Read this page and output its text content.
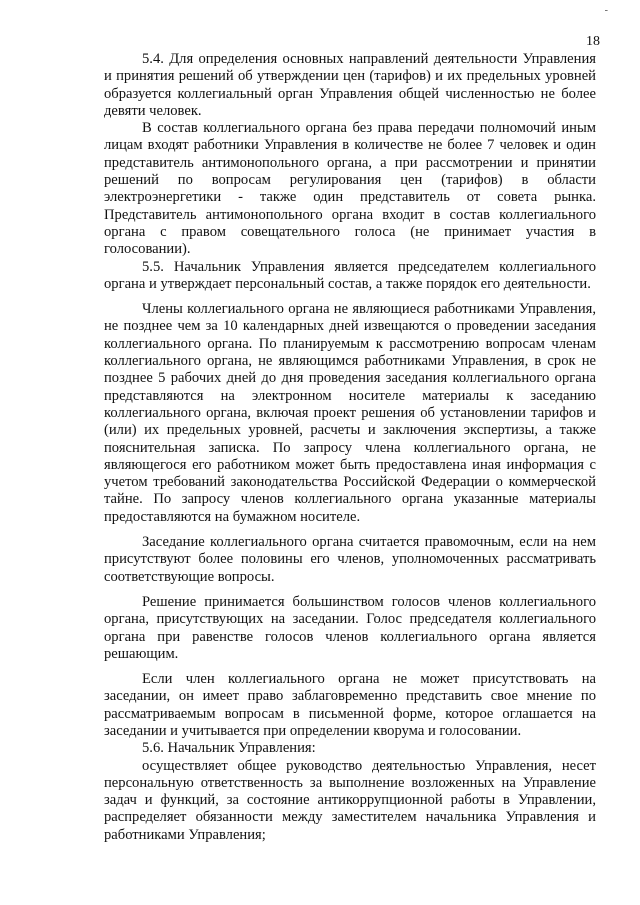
-
18

5.4. Для определения основных направлений деятельности Управления и принятия решений об утверждении цен (тарифов) и их предельных уровней образуется коллегиальный орган Управления общей численностью не более девяти человек.

В состав коллегиального органа без права передачи полномочий иным лицам входят работники Управления в количестве не более 7 человек и один представитель антимонопольного органа, а при рассмотрении и принятии решений по вопросам регулирования цен (тарифов) в области электроэнергетики - также один представитель от совета рынка. Представитель антимонопольного органа входит в состав коллегиального органа с правом совещательного голоса (не принимает участия в голосовании).

5.5. Начальник Управления является председателем коллегиального органа и утверждает персональный состав, а также порядок его деятельности.

Члены коллегиального органа не являющиеся работниками Управления, не позднее чем за 10 календарных дней извещаются о проведении заседания коллегиального органа. По планируемым к рассмотрению вопросам членам коллегиального органа, не являющимся работниками Управления, в срок не позднее 5 рабочих дней до дня проведения заседания коллегиального органа представляются на электронном носителе материалы к заседанию коллегиального органа, включая проект решения об установлении тарифов и (или) их предельных уровней, расчеты и заключения экспертизы, а также пояснительная записка. По запросу члена коллегиального органа, не являющегося его работником может быть предоставлена иная информация с учетом требований законодательства Российской Федерации о коммерческой тайне. По запросу членов коллегиального органа указанные материалы предоставляются на бумажном носителе.

Заседание коллегиального органа считается правомочным, если на нем присутствуют более половины его членов, уполномоченных рассматривать соответствующие вопросы.

Решение принимается большинством голосов членов коллегиального органа, присутствующих на заседании. Голос председателя коллегиального органа при равенстве голосов членов коллегиального органа является решающим.

Если член коллегиального органа не может присутствовать на заседании, он имеет право заблаговременно представить свое мнение по рассматриваемым вопросам в письменной форме, которое оглашается на заседании и учитывается при определении кворума и голосовании.

5.6. Начальник Управления:

осуществляет общее руководство деятельностью Управления, несет персональную ответственность за выполнение возложенных на Управление задач и функций, за состояние антикоррупционной работы в Управлении, распределяет обязанности между заместителем начальника Управления и работниками Управления;
